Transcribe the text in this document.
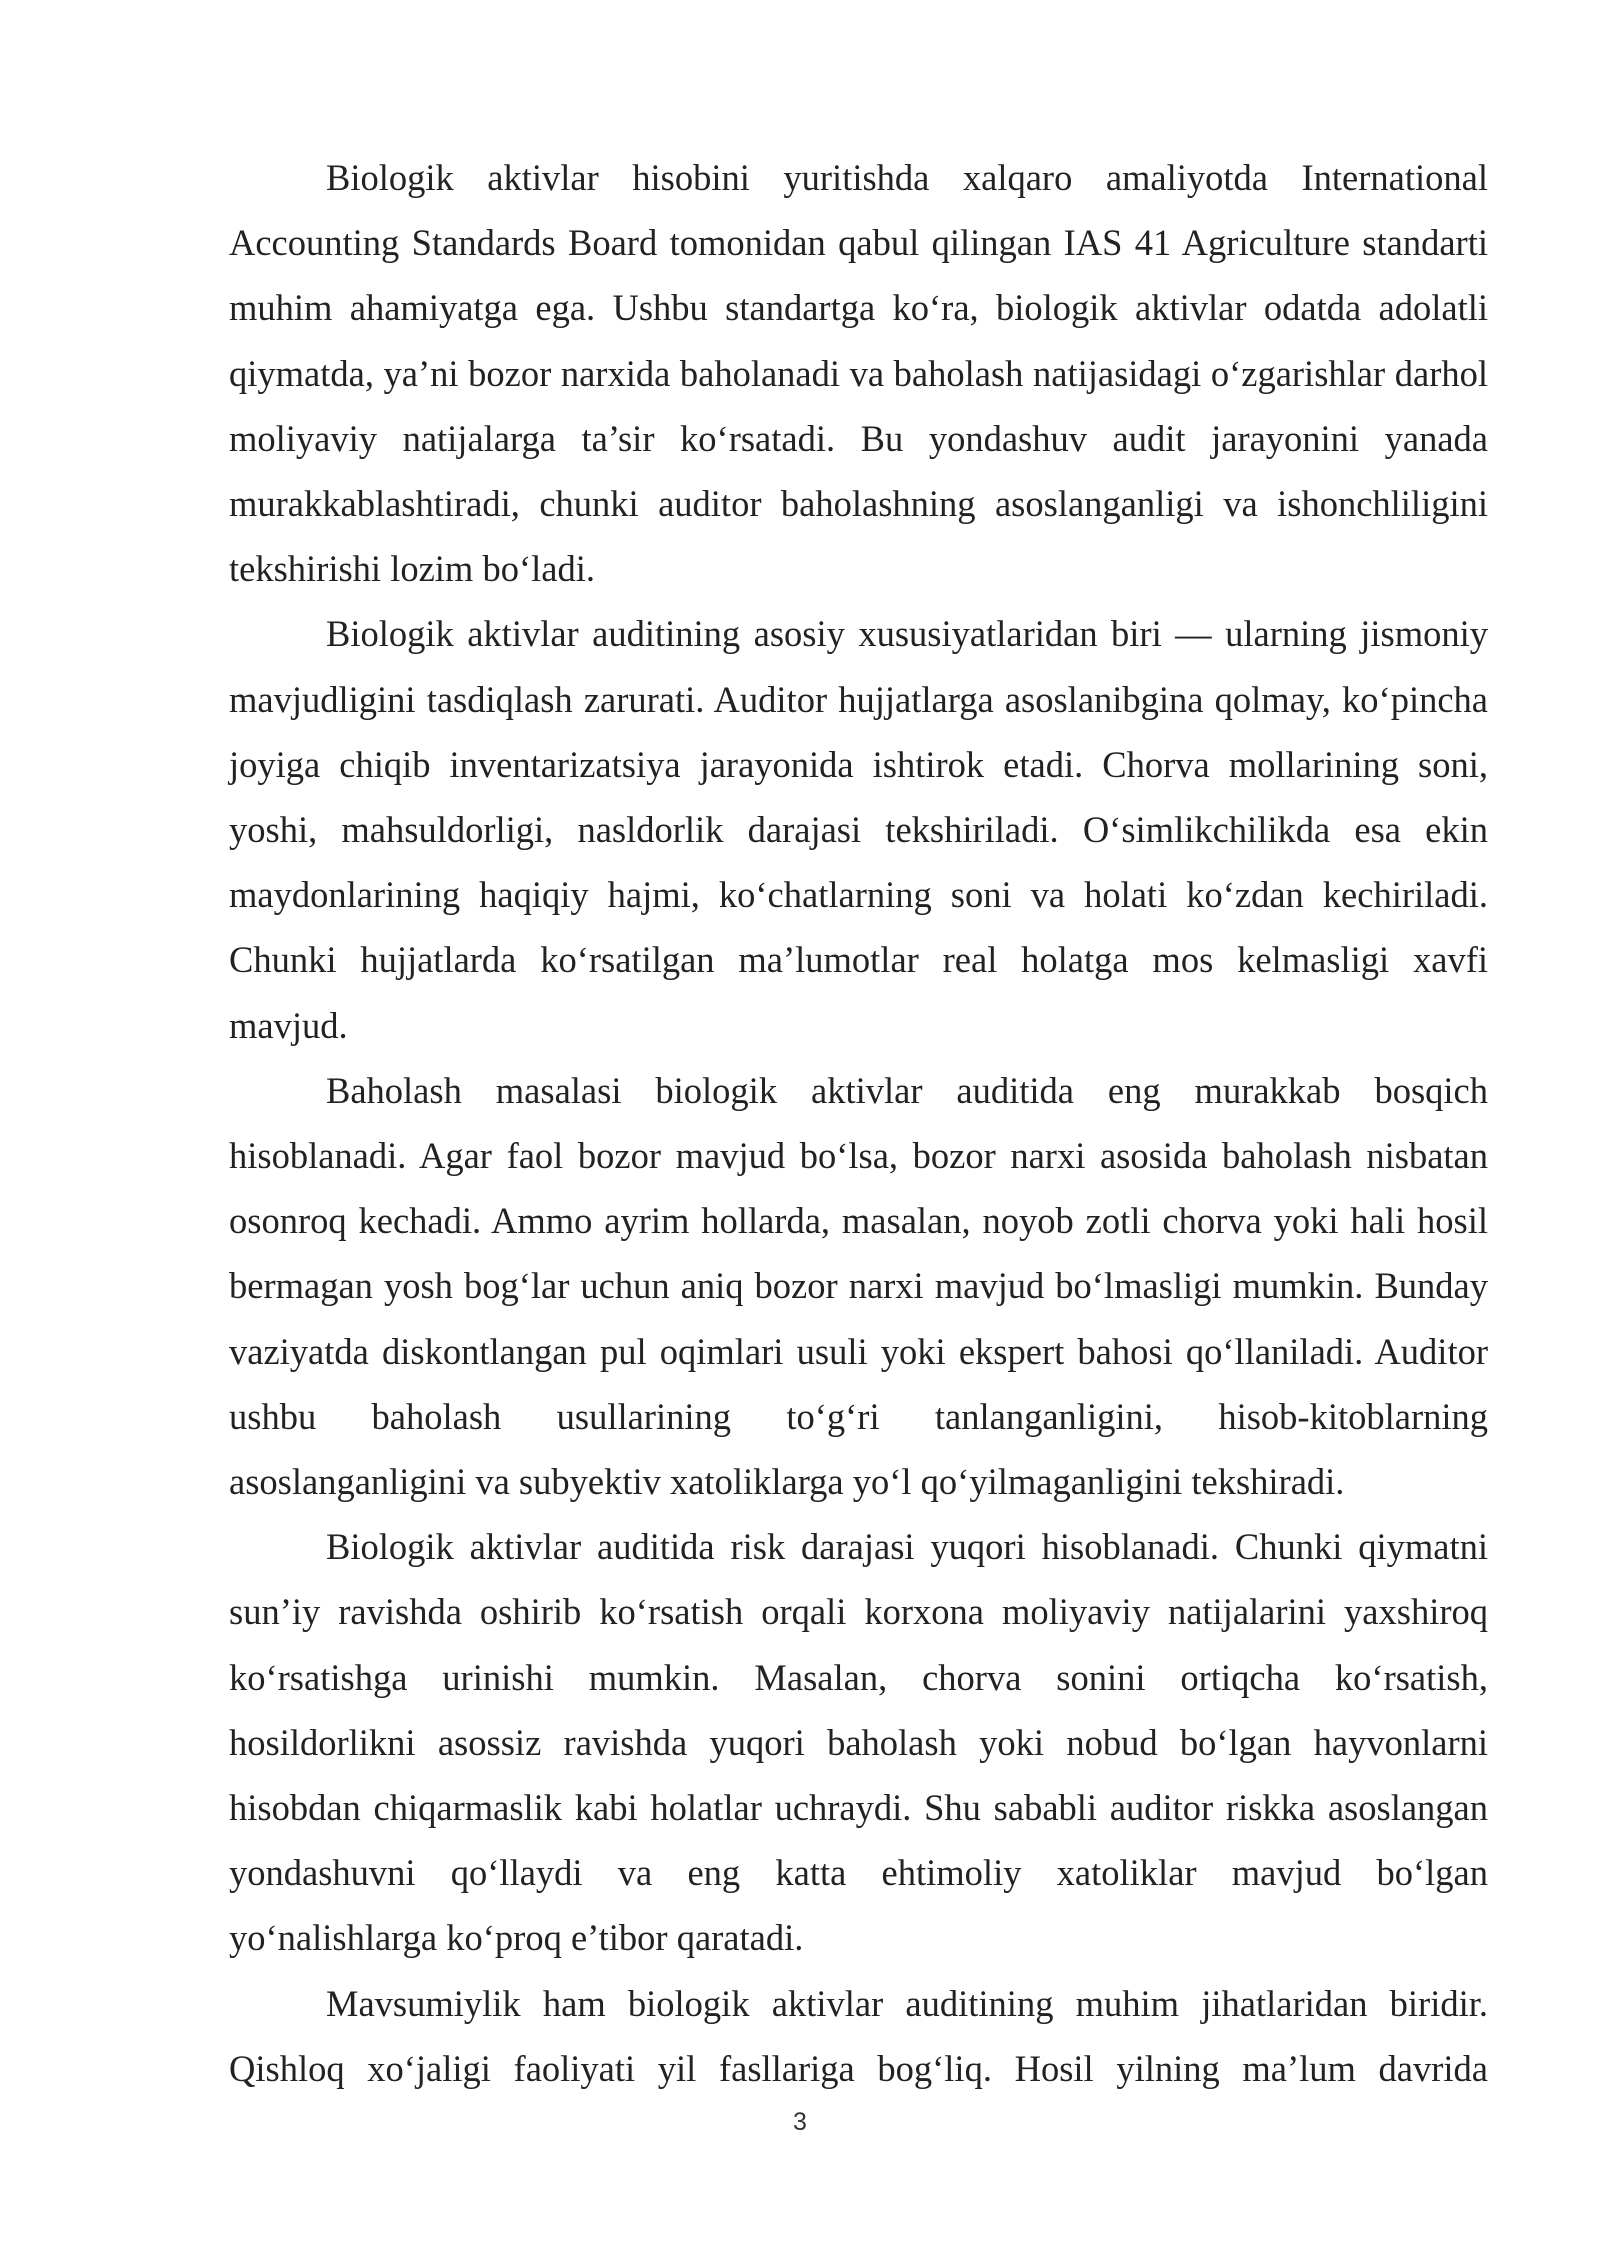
Biologik aktivlar hisobini yuritishda xalqaro amaliyotda International Accounting Standards Board tomonidan qabul qilingan IAS 41 Agriculture standarti muhim ahamiyatga ega. Ushbu standartga ko‘ra, biologik aktivlar odatda adolatli qiymatda, ya’ni bozor narxida baholanadi va baholash natijasidagi o‘zgarishlar darhol moliyaviy natijalarga ta’sir ko‘rsatadi. Bu yondashuv audit jarayonini yanada murakkablashtiradi, chunki auditor baholashning asoslanganligi va ishonchliligini tekshirishi lozim bo‘ladi.

Biologik aktivlar auditining asosiy xususiyatlaridan biri — ularning jismoniy mavjudligini tasdiqlash zarurati. Auditor hujjatlarga asoslanibgina qolmay, ko‘pincha joyiga chiqib inventarizatsiya jarayonida ishtirok etadi. Chorva mollarining soni, yoshi, mahsuldorligi, nasldorlik darajasi tekshiriladi. O‘simlikchilikda esa ekin maydonlarining haqiqiy hajmi, ko‘chatlarning soni va holati ko‘zdan kechiriladi. Chunki hujjatlarda ko‘rsatilgan ma’lumotlar real holatga mos kelmasligi xavfi mavjud.

Baholash masalasi biologik aktivlar auditida eng murakkab bosqich hisoblanadi. Agar faol bozor mavjud bo‘lsa, bozor narxi asosida baholash nisbatan osonroq kechadi. Ammo ayrim hollarda, masalan, noyob zotli chorva yoki hali hosil bermagan yosh bog‘lar uchun aniq bozor narxi mavjud bo‘lmasligi mumkin. Bunday vaziyatda diskontlangan pul oqimlari usuli yoki ekspert bahosi qo‘llaniladi. Auditor ushbu baholash usullarining to‘g‘ri tanlanganligini, hisob-kitoblarning asoslanganligini va subyektiv xatoliklarga yo‘l qo‘yilmaganligini tekshiradi.

Biologik aktivlar auditida risk darajasi yuqori hisoblanadi. Chunki qiymatni sun’iy ravishda oshirib ko‘rsatish orqali korxona moliyaviy natijalarini yaxshiroq ko‘rsatishga urinishi mumkin. Masalan, chorva sonini ortiqcha ko‘rsatish, hosildorlikni asossiz ravishda yuqori baholash yoki nobud bo‘lgan hayvonlarni hisobdan chiqarmaslik kabi holatlar uchraydi. Shu sababli auditor riskka asoslangan yondashuvni qo‘llaydi va eng katta ehtimoliy xatoliklar mavjud bo‘lgan yo‘nalishlarga ko‘proq e’tibor qaratadi.

Mavsumiylik ham biologik aktivlar auditining muhim jihatlaridan biridir. Qishloq xo‘jaligi faoliyati yil fasllariga bog‘liq. Hosil yilning ma’lum davrida

3
